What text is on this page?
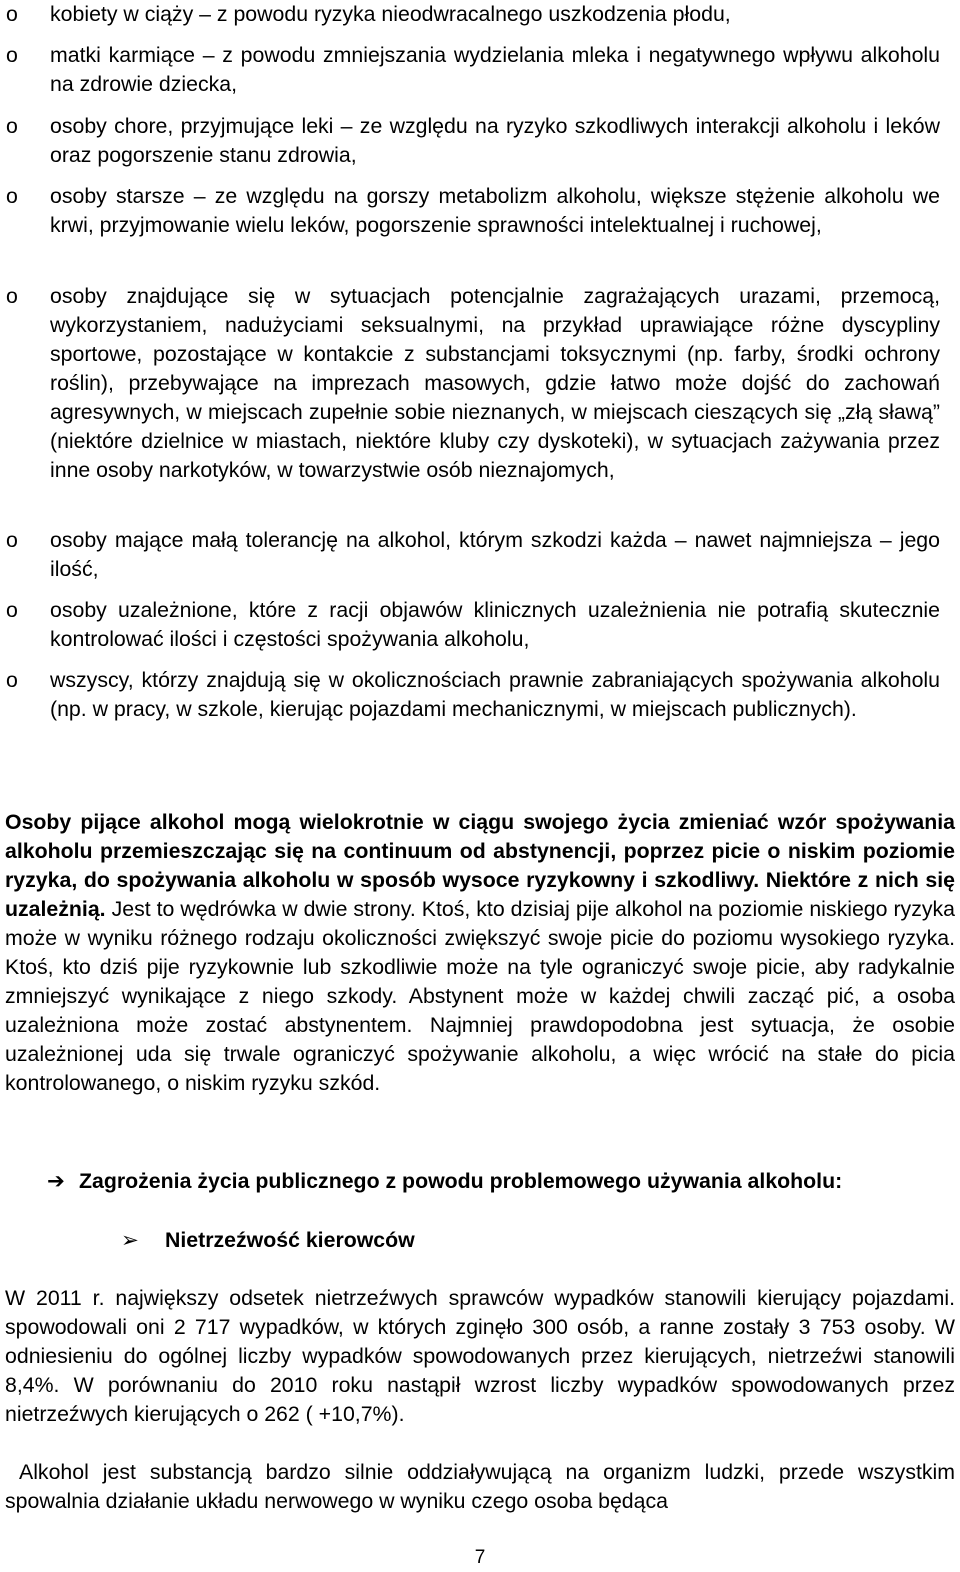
o kobiety w ciąży – z powodu ryzyka nieodwracalnego uszkodzenia płodu,
o matki karmiące – z powodu zmniejszania wydzielania mleka i negatywnego wpływu alkoholu na zdrowie dziecka,
o osoby chore, przyjmujące leki – ze względu na ryzyko szkodliwych interakcji alkoholu i leków oraz pogorszenie stanu zdrowia,
o osoby starsze – ze względu na gorszy metabolizm alkoholu, większe stężenie alkoholu we krwi, przyjmowanie wielu leków, pogorszenie sprawności intelektualnej i ruchowej,
o osoby znajdujące się w sytuacjach potencjalnie zagrażających urazami, przemocą, wykorzystaniem, nadużyciami seksualnymi, na przykład uprawiające różne dyscypliny sportowe, pozostające w kontakcie z substancjami toksycznymi (np. farby, środki ochrony roślin), przebywające na imprezach masowych, gdzie łatwo może dojść do zachowań agresywnych, w miejscach zupełnie sobie nieznanych, w miejscach cieszących się „złą sławą” (niektóre dzielnice w miastach, niektóre kluby czy dyskoteki), w sytuacjach zażywania przez inne osoby narkotyków, w towarzystwie osób nieznajomych,
o osoby mające małą tolerancję na alkohol, którym szkodzi każda – nawet najmniejsza – jego ilość,
o osoby uzależnione, które z racji objawów klinicznych uzależnienia nie potrafią skutecznie kontrolować ilości i częstości spożywania alkoholu,
o wszyscy, którzy znajdują się w okolicznościach prawnie zabraniających spożywania alkoholu (np. w pracy, w szkole, kierując pojazdami mechanicznymi, w miejscach publicznych).
Osoby pijące alkohol mogą wielokrotnie w ciągu swojego życia zmieniać wzór spożywania alkoholu przemieszczając się na continuum od abstynencji, poprzez picie o niskim poziomie ryzyka, do spożywania alkoholu w sposób wysoce ryzykowny i szkodliwy. Niektóre z nich się uzależnią. Jest to wędrówka w dwie strony. Ktoś, kto dzisiaj pije alkohol na poziomie niskiego ryzyka może w wyniku różnego rodzaju okoliczności zwiększyć swoje picie do poziomu wysokiego ryzyka. Ktoś, kto dziś pije ryzykownie lub szkodliwie może na tyle ograniczyć swoje picie, aby radykalnie zmniejszyć wynikające z niego szkody. Abstynent może w każdej chwili zacząć pić, a osoba uzależniona może zostać abstynentem. Najmniej prawdopodobna jest sytuacja, że osobie uzależnionej uda się trwale ograniczyć spożywanie alkoholu, a więc wrócić na stałe do picia kontrolowanego, o niskim ryzyku szkód.
➔ Zagrożenia życia publicznego z powodu problemowego używania alkoholu:
➢ Nietrzeźwość kierowców
W 2011 r. największy odsetek nietrzeźwych sprawców wypadków stanowili kierujący pojazdami. spowodowali oni 2 717 wypadków, w których zginęło 300 osób, a ranne zostały 3 753 osoby. W odniesieniu do ogólnej liczby wypadków spowodowanych przez kierujących, nietrzeźwi stanowili 8,4%. W porównaniu do 2010 roku nastąpił wzrost liczby wypadków spowodowanych przez nietrzeźwych kierujących o 262 ( +10,7%).
Alkohol jest substancją bardzo silnie oddziaływującą na organizm ludzki, przede wszystkim spowalnia działanie układu nerwowego w wyniku czego osoba będąca
7
